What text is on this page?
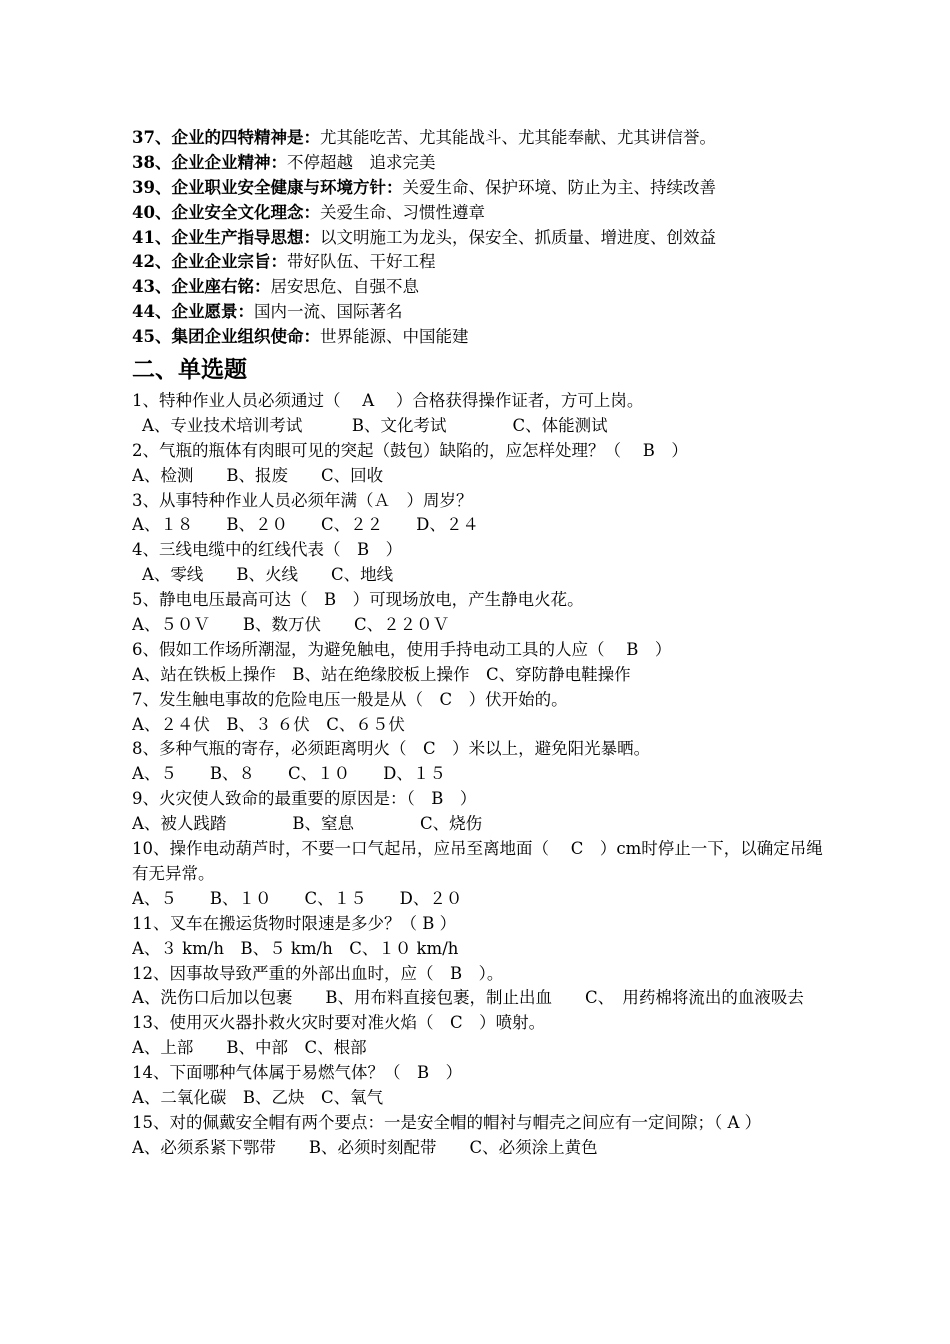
37、企业的四特精神是：尤其能吃苦、尤其能战斗、尤其能奉献、尤其讲信誉。
38、企业企业精神：不停超越　追求完美
39、企业职业安全健康与环境方针：关爱生命、保护环境、防止为主、持续改善
40、企业安全文化理念：关爱生命、习惯性遵章
41、企业生产指导思想：以文明施工为龙头，保安全、抓质量、增进度、创效益
42、企业企业宗旨：带好队伍、干好工程
43、企业座右铭：居安思危、自强不息
44、企业愿景：国内一流、国际著名
45、集团企业组织使命：世界能源、中国能建
二、单选题
1、特种作业人员必须通过（　 A　 ）合格获得操作证者，方可上岗。
A、专业技术培训考试　　　B、文化考试　　　　C、体能测试
2、气瓶的瓶体有肉眼可见的突起（鼓包）缺陷的，应怎样处理？（　 B　）
A、检测　　B、报废　　C、回收
3、从事特种作业人员必须年满（Ａ　）周岁？
A、１８　　B、２０　　C、２２　　D、２４
4、三线电缆中的红线代表（　B　）
A、零线　　B、火线　　C、地线
5、静电电压最高可达（　B　）可现场放电，产生静电火花。
A、５０Ｖ　　B、数万伏　　C、２２０Ｖ
6、假如工作场所潮湿，为避免触电，使用手持电动工具的人应（　 B　）
A、站在铁板上操作　B、站在绝缘胶板上操作　C、穿防静电鞋操作
7、发生触电事故的危险电压一般是从（　C　）伏开始的。
A、２４伏　B、３ ６伏　C、６５伏
8、多种气瓶的寄存，必须距离明火（　C　）米以上，避免阳光暴晒。
A、５　　B、８　　C、１０　　D、１５
9、火灾使人致命的最重要的原因是：（　B　）
A、被人践踏　　　　B、窒息　　　　C、烧伤
10、操作电动葫芦时，不要一口气起吊，应吊至离地面（　 C　）cm时停止一下，以确定吊绳有无异常。
A、５　　B、１０　　C、１５　　D、２０
11、叉车在搬运货物时限速是多少？（ B ）
A、３ km/h　B、５ km/h　C、１０ km/h
12、因事故导致严重的外部出血时，应（　B　）。
A、洗伤口后加以包裹　　B、用布料直接包裹，制止出血　　C、　用药棉将流出的血液吸去
13、使用灭火器扑救火灾时要对准火焰（　C　）喷射。
A、上部　　B、中部　C、根部
14、下面哪种气体属于易燃气体？（　B　）
A、二氧化碳　B、乙炔　C、氧气
15、对的佩戴安全帽有两个要点：一是安全帽的帽衬与帽壳之间应有一定间隙；（ A ）
A、必须系紧下鄂带　　B、必须时刻配带　　C、必须涂上黄色
